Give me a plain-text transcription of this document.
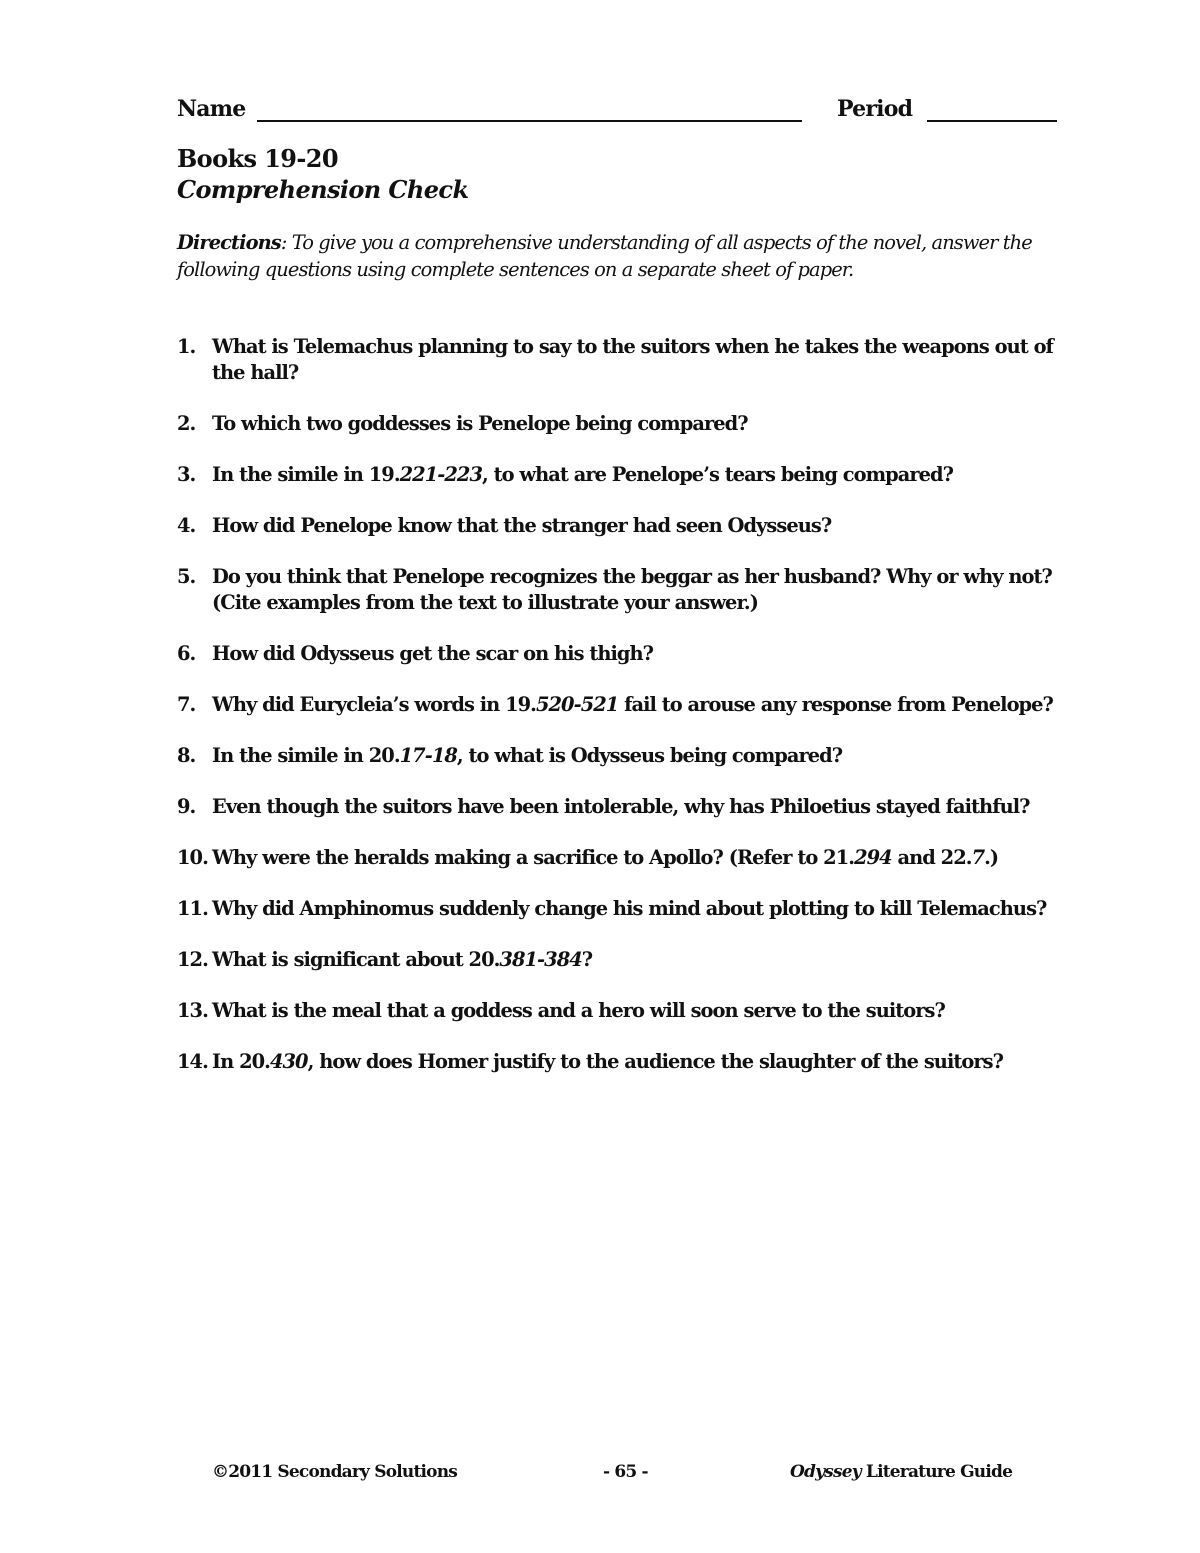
Name	Period
Books 19-20
Comprehension Check
Directions: To give you a comprehensive understanding of all aspects of the novel, answer the following questions using complete sentences on a separate sheet of paper.
1. What is Telemachus planning to say to the suitors when he takes the weapons out of the hall?
2. To which two goddesses is Penelope being compared?
3. In the simile in 19.221-223, to what are Penelope’s tears being compared?
4. How did Penelope know that the stranger had seen Odysseus?
5. Do you think that Penelope recognizes the beggar as her husband? Why or why not? (Cite examples from the text to illustrate your answer.)
6. How did Odysseus get the scar on his thigh?
7. Why did Eurycleia’s words in 19.520-521 fail to arouse any response from Penelope?
8. In the simile in 20.17-18, to what is Odysseus being compared?
9. Even though the suitors have been intolerable, why has Philoetius stayed faithful?
10. Why were the heralds making a sacrifice to Apollo? (Refer to 21.294 and 22.7.)
11. Why did Amphinomus suddenly change his mind about plotting to kill Telemachus?
12. What is significant about 20.381-384?
13. What is the meal that a goddess and a hero will soon serve to the suitors?
14. In 20.430, how does Homer justify to the audience the slaughter of the suitors?
©2011 Secondary Solutions	- 65 -	Odyssey Literature Guide
